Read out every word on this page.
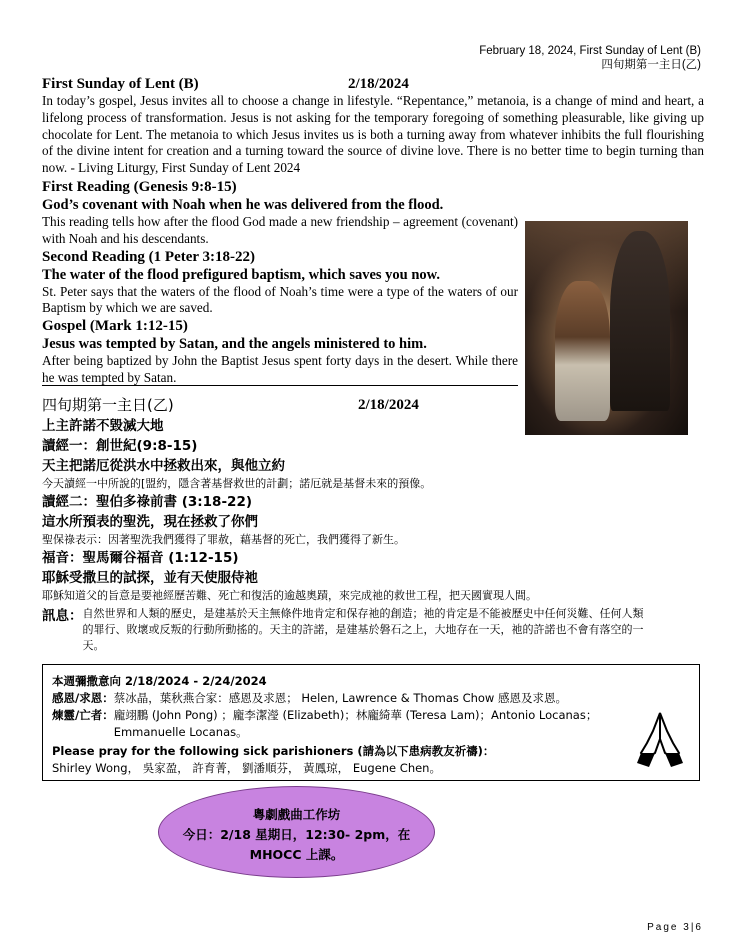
February 18, 2024, First Sunday of Lent (B)
四旬期第一主日(乙)
First Sunday of Lent (B)	2/18/2024
In today’s gospel, Jesus invites all to choose a change in lifestyle. “Repentance,” metanoia, is a change of mind and heart, a lifelong process of transformation. Jesus is not asking for the temporary foregoing of something pleasurable, like giving up chocolate for Lent. The metanoia to which Jesus invites us is both a turning away from whatever inhibits the full flourishing of the divine intent for creation and a turning toward the source of divine love. There is no better time to begin turning than now. - Living Liturgy, First Sunday of Lent 2024
First Reading (Genesis 9:8-15)
God’s covenant with Noah when he was delivered from the flood.
This reading tells how after the flood God made a new friendship – agreement (covenant) with Noah and his descendants.
Second Reading (1 Peter 3:18-22)
The water of the flood prefigured baptism, which saves you now.
St. Peter says that the waters of the flood of Noah’s time were a type of the waters of our Baptism by which we are saved.
Gospel (Mark 1:12-15)
Jesus was tempted by Satan, and the angels ministered to him.
After being baptized by John the Baptist Jesus spent forty days in the desert. While there he was tempted by Satan.
四旬期第一主日(乙)	2/18/2024
上主許諾不毀滅大地
讀經一：創世紀(9:8-15)
天主把諾厄從洪水中拯救出來，與他立約
今天讀經一中所說的[盟約，隱含著基督救世的計劃；諾厄就是基督未來的預像。
讀經二：聖伯多祿前書 (3:18-22)
這水所預表的聖洗，現在拯救了你們
聖保祿表示：因著聖洗我們獲得了罪赦，藉基督的死亡，我們獲得了新生。
福音：聖馬爾谷福音 (1:12-15)
耶穌受撒旦的試探，並有天使服侍祂
耶穌知道父的旨意是要祂經歷苦難、死亡和復活的逾越奧蹟，來完成祂的救世工程，把天國實現人間。
訊息： 自然世界和人類的歷史，是建基於天主無條件地肯定和保存祂的創造；祂的肯定是不能被歷史中任何災難、任何人類的罪行、敗壞或反叛的行動所動搖的。天主的許諾，是建基於磐石之上，大地存在一天，祂的許諾也不會有落空的一天。
本週彌撒意向 2/18/2024 - 2/24/2024
感恩/求恩： 蔡冰晶，葉秋燕合家：感恩及求恩； Helen, Lawrence & Thomas Chow 感恩及求恩。
煉靈/亡者： 龐翊鵬 (John Pong) ；龐李潔瀅 (Elizabeth)；林龐綺華 (Teresa Lam)；Antonio Locanas；
Emmanuelle Locanas。
Please pray for the following sick parishioners (請為以下患病教友祈禱)：
Shirley Wong， 吳家盈， 許育菁， 劉潘順芬， 黃鳳琼， Eugene Chen。
粵劇戲曲工作坊
今日：2/18 星期日，12:30- 2pm，在
MHOCC 上課。
Page 3|6
